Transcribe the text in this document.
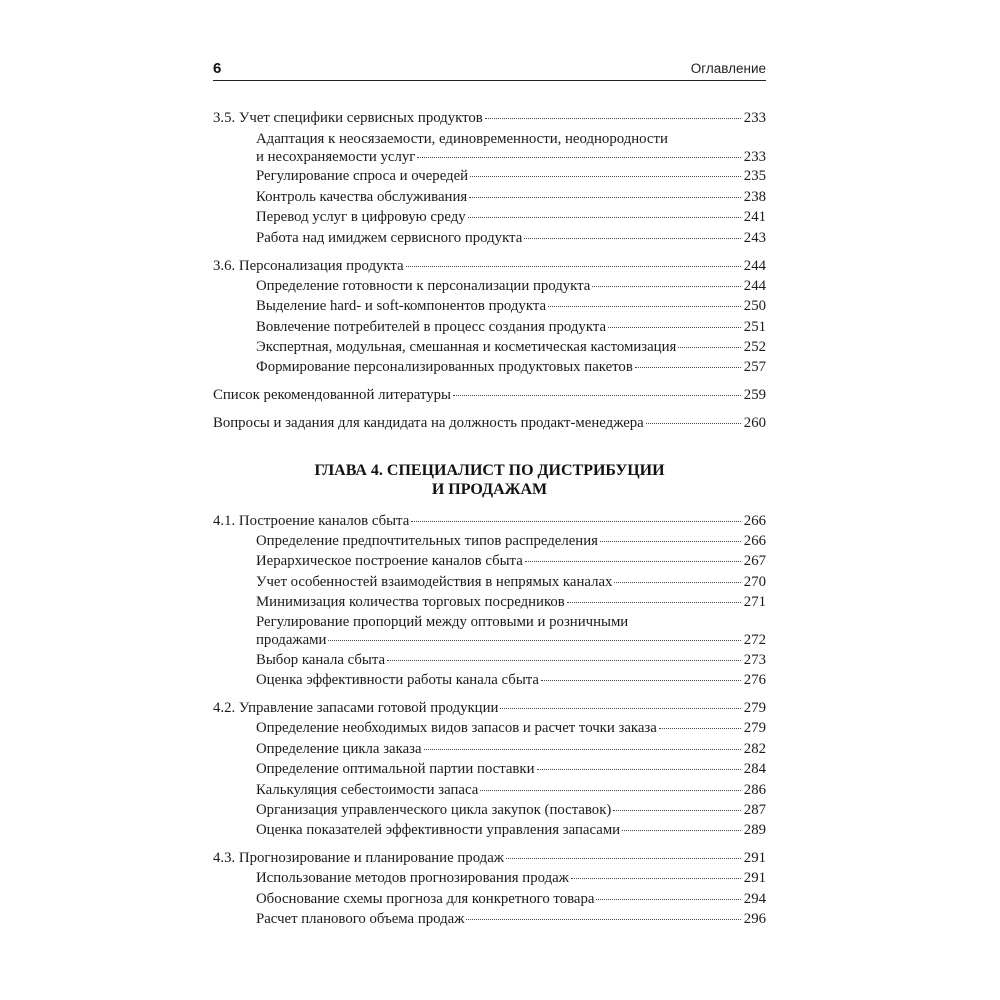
6	Оглавление
3.5. Учет специфики сервисных продуктов	233
Адаптация к неосязаемости, единовременности, неоднородности
и несохраняемости услуг	233
Регулирование спроса и очередей	235
Контроль качества обслуживания	238
Перевод услуг в цифровую среду	241
Работа над имиджем сервисного продукта	243
3.6. Персонализация продукта	244
Определение готовности к персонализации продукта	244
Выделение hard- и soft-компонентов продукта	250
Вовлечение потребителей в процесс создания продукта	251
Экспертная, модульная, смешанная и косметическая кастомизация	252
Формирование персонализированных продуктовых пакетов	257
Список рекомендованной литературы	259
Вопросы и задания для кандидата на должность продакт-менеджера	260
ГЛАВА 4. СПЕЦИАЛИСТ ПО ДИСТРИБУЦИИ
И ПРОДАЖАМ
4.1. Построение каналов сбыта	266
Определение предпочтительных типов распределения	266
Иерархическое построение каналов сбыта	267
Учет особенностей взаимодействия в непрямых каналах	270
Минимизация количества торговых посредников	271
Регулирование пропорций между оптовыми и розничными
продажами	272
Выбор канала сбыта	273
Оценка эффективности работы канала сбыта	276
4.2. Управление запасами готовой продукции	279
Определение необходимых видов запасов и расчет точки заказа	279
Определение цикла заказа	282
Определение оптимальной партии поставки	284
Калькуляция себестоимости запаса	286
Организация управленческого цикла закупок (поставок)	287
Оценка показателей эффективности управления запасами	289
4.3. Прогнозирование и планирование продаж	291
Использование методов прогнозирования продаж	291
Обоснование схемы прогноза для конкретного товара	294
Расчет планового объема продаж	296
